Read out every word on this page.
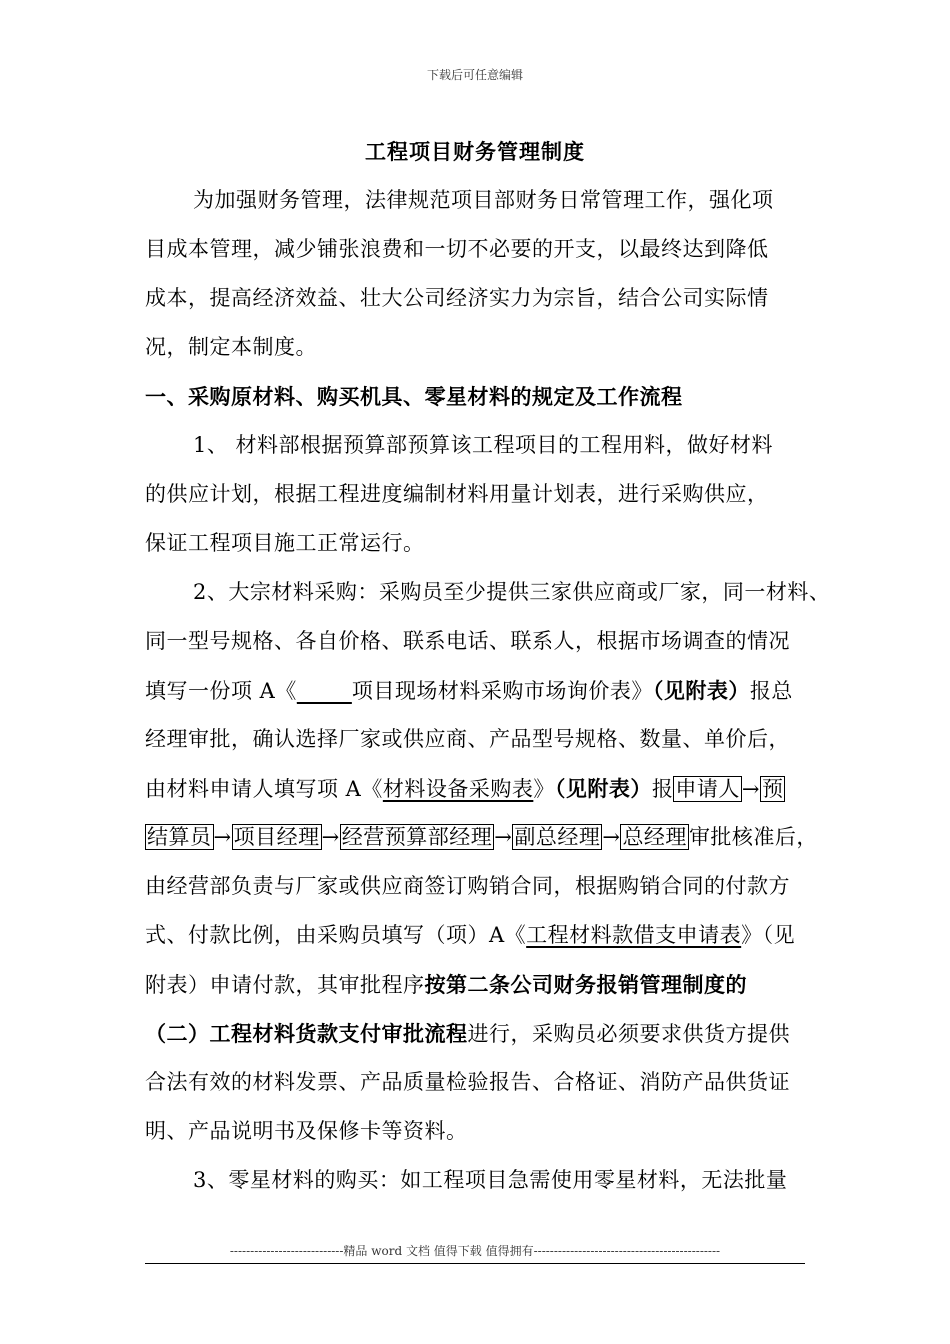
下载后可任意编辑
工程项目财务管理制度
为加强财务管理，法律规范项目部财务日常管理工作，强化项
目成本管理，减少铺张浪费和一切不必要的开支，以最终达到降低
成本，提高经济效益、壮大公司经济实力为宗旨，结合公司实际情
况，制定本制度。
一、采购原材料、购买机具、零星材料的规定及工作流程
1、 材料部根据预算部预算该工程项目的工程用料，做好材料
的供应计划，根据工程进度编制材料用量计划表，进行采购供应，
保证工程项目施工正常运行。
2、大宗材料采购：采购员至少提供三家供应商或厂家，同一材料、
同一型号规格、各自价格、联系电话、联系人，根据市场调查的情况
填写一份项 A《_____项目现场材料采购市场询价表》（见附表）报总
经理审批，确认选择厂家或供应商、产品型号规格、数量、单价后，
由材料申请人填写项 A《材料设备采购表》（见附表）报申请人→预
结算员→项目经理→经营预算部经理→副总经理→总经理审批核准后，
由经营部负责与厂家或供应商签订购销合同，根据购销合同的付款方
式、付款比例，由采购员填写（项）A《工程材料款借支申请表》（见
附表）申请付款，其审批程序按第二条公司财务报销管理制度的
（二）工程材料货款支付审批流程进行，采购员必须要求供货方提供
合法有效的材料发票、产品质量检验报告、合格证、消防产品供货证
明、产品说明书及保修卡等资料。
3、零星材料的购买：如工程项目急需使用零星材料，无法批量
----------------------------精品 word 文档 值得下载 值得拥有----------------------------------------------
